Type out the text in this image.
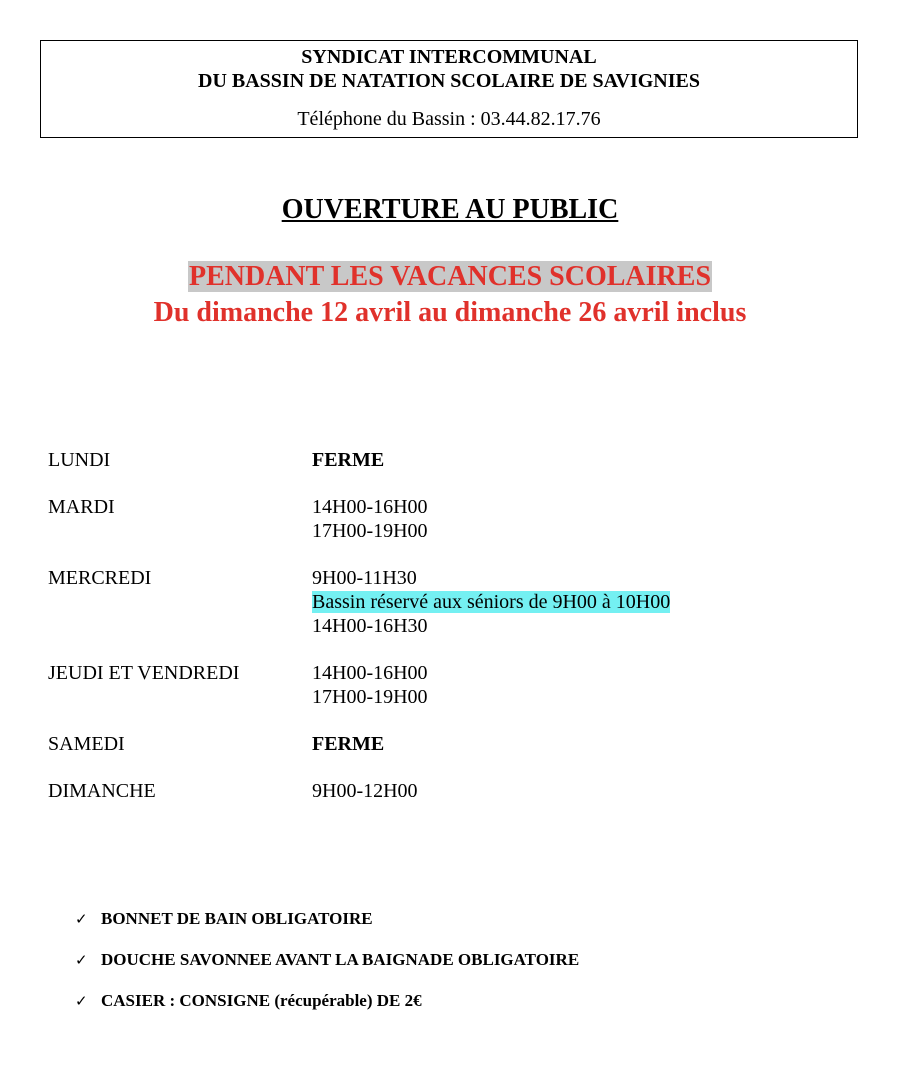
SYNDICAT INTERCOMMUNAL
DU BASSIN DE NATATION SCOLAIRE DE SAVIGNIES
Téléphone du Bassin : 03.44.82.17.76
OUVERTURE AU PUBLIC
PENDANT LES VACANCES SCOLAIRES
Du dimanche 12 avril au dimanche 26 avril inclus
LUNDI	FERME
MARDI	14H00-16H00
17H00-19H00
MERCREDI	9H00-11H30
Bassin réservé aux séniors de 9H00 à 10H00
14H00-16H30
JEUDI ET VENDREDI	14H00-16H00
17H00-19H00
SAMEDI	FERME
DIMANCHE	9H00-12H00
✓ BONNET DE BAIN OBLIGATOIRE
✓ DOUCHE SAVONNEE AVANT LA BAIGNADE OBLIGATOIRE
✓ CASIER : CONSIGNE (récupérable) DE 2€
